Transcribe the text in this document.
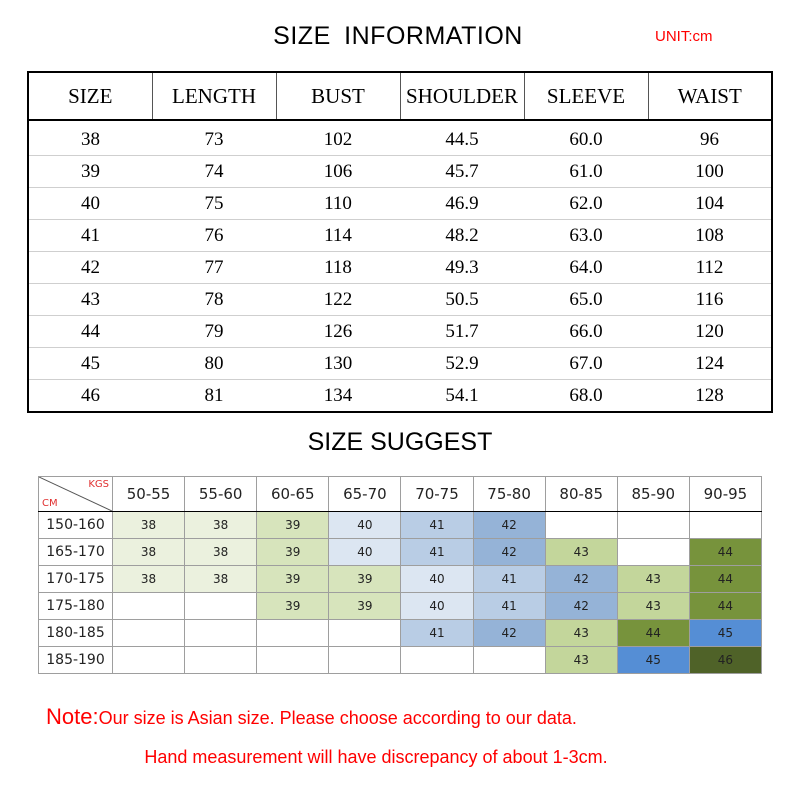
SIZE INFORMATION	UNIT:cm
SIZE	LENGTH	BUST	SHOULDER	SLEEVE	WAIST
38	73	102	44.5	60.0	96
39	74	106	45.7	61.0	100
40	75	110	46.9	62.0	104
41	76	114	48.2	63.0	108
42	77	118	49.3	64.0	112
43	78	122	50.5	65.0	116
44	79	126	51.7	66.0	120
45	80	130	52.9	67.0	124
46	81	134	54.1	68.0	128
SIZE SUGGEST
KGS
CM	50-55	55-60	60-65	65-70	70-75	75-80	80-85	85-90	90-95
150-160	38	38	39	40	41	42			
165-170	38	38	39	40	41	42	43		44
170-175	38	38	39	39	40	41	42	43	44
175-180			39	39	40	41	42	43	44
180-185					41	42	43	44	45
185-190							43	45	46
Note:Our size is Asian size. Please choose according to our data.
Hand measurement will have discrepancy of about 1-3cm.
